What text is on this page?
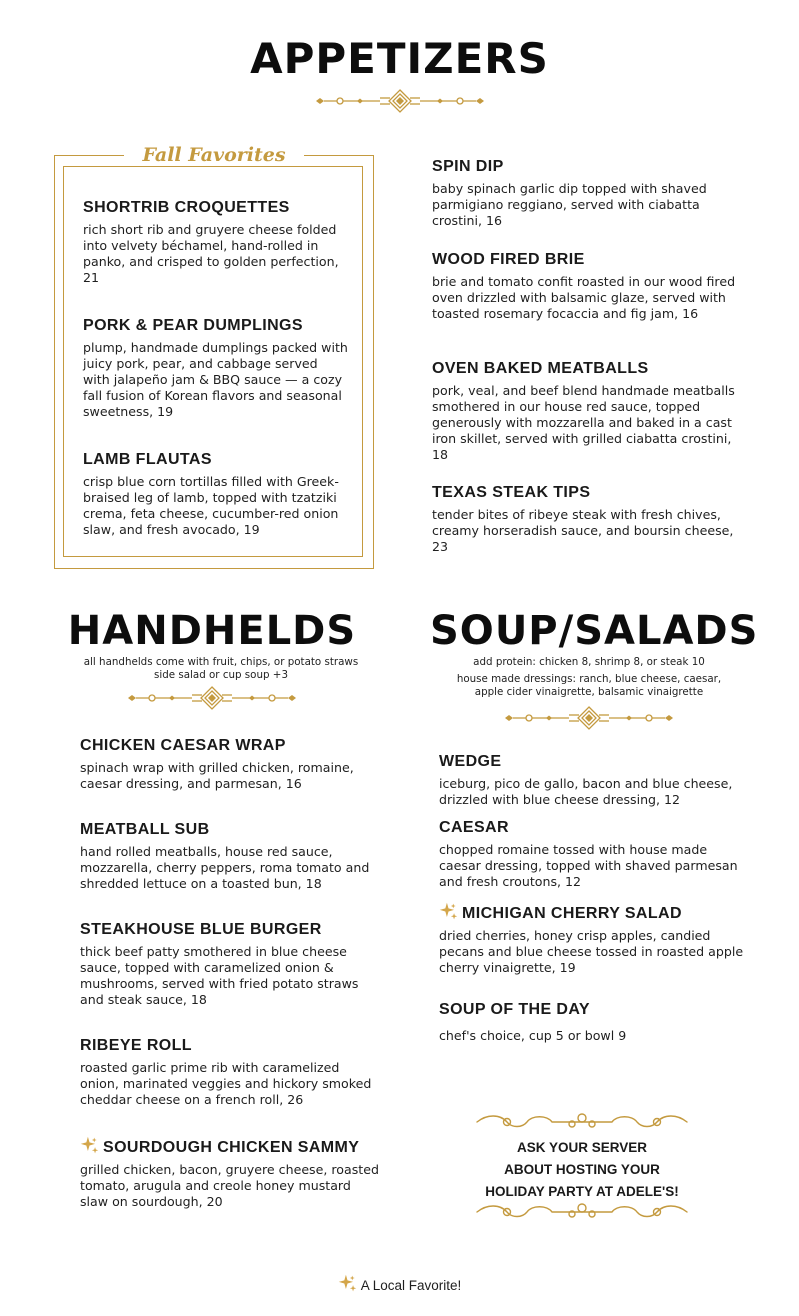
APPETIZERS
Fall Favorites

SHORTRIB CROQUETTES

rich short rib and gruyere cheese folded into velvety béchamel, hand-rolled in panko, and crisped to golden perfection, 21

PORK & PEAR DUMPLINGS

plump, handmade dumplings packed with juicy pork, pear, and cabbage served with jalapeño jam & BBQ sauce — a cozy fall fusion of Korean flavors and seasonal sweetness, 19

LAMB FLAUTAS

crisp blue corn tortillas filled with Greek-braised leg of lamb, topped with tzatziki crema, feta cheese, cucumber-red onion slaw, and fresh avocado, 19

SPIN DIP

baby spinach garlic dip topped with shaved parmigiano reggiano, served with ciabatta crostini, 16

WOOD FIRED BRIE

brie and tomato confit roasted in our wood fired oven drizzled with balsamic glaze, served with toasted rosemary focaccia and fig jam, 16

OVEN BAKED MEATBALLS

pork, veal, and beef blend handmade meatballs smothered in our house red sauce, topped generously with mozzarella and baked in a cast iron skillet, served with grilled ciabatta crostini, 18

TEXAS STEAK TIPS

tender bites of ribeye steak with fresh chives, creamy horseradish sauce, and boursin cheese, 23

HANDHELDS
all handhelds come with fruit, chips, or potato straws
side salad or cup soup +3

CHICKEN CAESAR WRAP

spinach wrap with grilled chicken, romaine, caesar dressing, and parmesan, 16

MEATBALL SUB

hand rolled meatballs, house red sauce, mozzarella, cherry peppers, roma tomato and shredded lettuce on a toasted bun, 18

STEAKHOUSE BLUE BURGER

thick beef patty smothered in blue cheese sauce, topped with caramelized onion & mushrooms, served with fried potato straws and steak sauce, 18

RIBEYE ROLL

roasted garlic prime rib with caramelized onion, marinated veggies and hickory smoked cheddar cheese on a french roll, 26

SOURDOUGH CHICKEN SAMMY

grilled chicken, bacon, gruyere cheese, roasted tomato, arugula and creole honey mustard slaw on sourdough, 20

SOUP/SALADS
add protein: chicken 8, shrimp 8, or steak 10
house made dressings: ranch, blue cheese, caesar,
apple cider vinaigrette, balsamic vinaigrette

WEDGE

iceburg, pico de gallo, bacon and blue cheese, drizzled with blue cheese dressing, 12

CAESAR

chopped romaine tossed with house made caesar dressing, topped with shaved parmesan and fresh croutons, 12

MICHIGAN CHERRY SALAD

dried cherries, honey crisp apples, candied pecans and blue cheese tossed in roasted apple cherry vinaigrette, 19

SOUP OF THE DAY

chef's choice, cup 5 or bowl 9

ASK YOUR SERVER
ABOUT HOSTING YOUR
HOLIDAY PARTY AT ADELE'S!
A Local Favorite!
